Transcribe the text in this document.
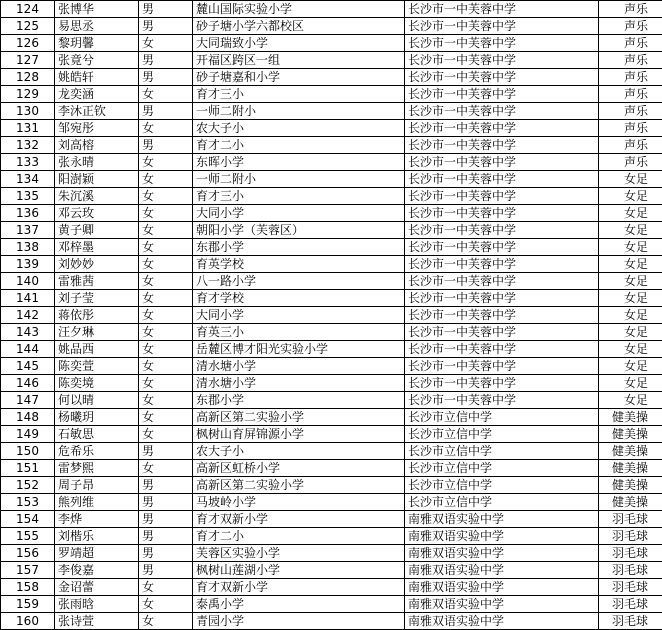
124	张博华	男	麓山国际实验小学	长沙市一中芙蓉中学	声乐
125	易思丞	男	砂子塘小学六都校区	长沙市一中芙蓉中学	声乐
126	黎玥馨	女	大同瑞致小学	长沙市一中芙蓉中学	声乐
127	张竟兮	男	开福区跨区一组	长沙市一中芙蓉中学	声乐
128	姚皓轩	男	砂子塘嘉和小学	长沙市一中芙蓉中学	声乐
129	龙奕涵	女	育才三小	长沙市一中芙蓉中学	声乐
130	李沐正钦	男	一师二附小	长沙市一中芙蓉中学	声乐
131	邹宛彤	女	农大子小	长沙市一中芙蓉中学	声乐
132	刘高榕	男	育才二小	长沙市一中芙蓉中学	声乐
133	张永晴	女	东晖小学	长沙市一中芙蓉中学	声乐
134	阳澍颖	女	一师二附小	长沙市一中芙蓉中学	女足
135	朱沉溪	女	育才三小	长沙市一中芙蓉中学	女足
136	邓云玫	女	大同小学	长沙市一中芙蓉中学	女足
137	黄子卿	女	朝阳小学（芙蓉区）	长沙市一中芙蓉中学	女足
138	邓梓墨	女	东郡小学	长沙市一中芙蓉中学	女足
139	刘妙妙	女	育英学校	长沙市一中芙蓉中学	女足
140	雷雅茜	女	八一路小学	长沙市一中芙蓉中学	女足
141	刘子莹	女	育才学校	长沙市一中芙蓉中学	女足
142	蒋依彤	女	大同小学	长沙市一中芙蓉中学	女足
143	汪夕琳	女	育英三小	长沙市一中芙蓉中学	女足
144	姚品西	女	岳麓区博才阳光实验小学	长沙市一中芙蓉中学	女足
145	陈奕萱	女	清水塘小学	长沙市一中芙蓉中学	女足
146	陈奕境	女	清水塘小学	长沙市一中芙蓉中学	女足
147	何以晴	女	东郡小学	长沙市一中芙蓉中学	女足
148	杨曦玥	女	高新区第二实验小学	长沙市立信中学	健美操
149	石敏思	女	枫树山育屏锦源小学	长沙市立信中学	健美操
150	危希乐	男	农大子小	长沙市立信中学	健美操
151	雷梦熙	女	高新区虹桥小学	长沙市立信中学	健美操
152	周子昂	男	高新区第二实验小学	长沙市立信中学	健美操
153	熊列维	男	马坡岭小学	长沙市立信中学	健美操
154	李烨	男	育才双新小学	南雅双语实验中学	羽毛球
155	刘楷乐	男	育才二小	南雅双语实验中学	羽毛球
156	罗靖超	男	芙蓉区实验小学	南雅双语实验中学	羽毛球
157	李俊嘉	男	枫树山莲湖小学	南雅双语实验中学	羽毛球
158	金诏蕾	女	育才双新小学	南雅双语实验中学	羽毛球
159	张雨晗	女	泰禹小学	南雅双语实验中学	羽毛球
160	张诗萱	女	青园小学	南雅双语实验中学	羽毛球
